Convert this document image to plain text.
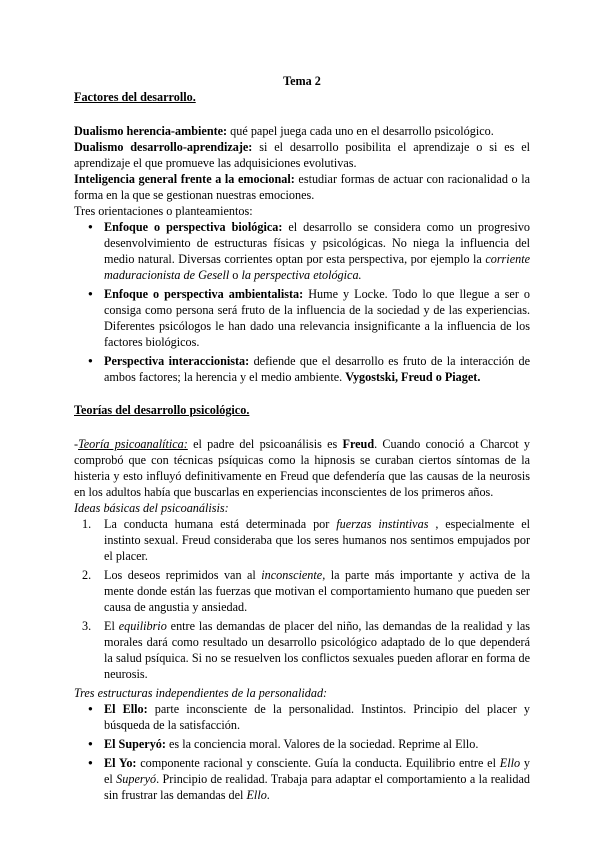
Tema 2

Factores del desarrollo.

Dualismo herencia-ambiente: qué papel juega cada uno en el desarrollo psicológico.

Dualismo desarrollo-aprendizaje: si el desarrollo posibilita el aprendizaje o si es el aprendizaje el que promueve las adquisiciones evolutivas.

Inteligencia general frente a la emocional: estudiar formas de actuar con racionalidad o la forma en la que se gestionan nuestras emociones.

Tres orientaciones o planteamientos:

● Enfoque o perspectiva biológica: el desarrollo se considera como un progresivo desenvolvimiento de estructuras físicas y psicológicas. No niega la influencia del medio natural. Diversas corrientes optan por esta perspectiva, por ejemplo la corriente maduracionista de Gesell o la perspectiva etológica.
● Enfoque o perspectiva ambientalista: Hume y Locke. Todo lo que llegue a ser o consiga como persona será fruto de la influencia de la sociedad y de las experiencias. Diferentes psicólogos le han dado una relevancia insignificante a la influencia de los factores biológicos.
● Perspectiva interaccionista: defiende que el desarrollo es fruto de la interacción de ambos factores; la herencia y el medio ambiente. Vygostski, Freud o Piaget.

Teorías del desarrollo psicológico.

-Teoría psicoanalítica: el padre del psicoanálisis es Freud. Cuando conoció a Charcot y comprobó que con técnicas psíquicas como la hipnosis se curaban ciertos síntomas de la histeria y esto influyó definitivamente en Freud que defendería que las causas de la neurosis en los adultos había que buscarlas en experiencias inconscientes de los primeros años.

Ideas básicas del psicoanálisis:

1. La conducta humana está determinada por fuerzas instintivas , especialmente el instinto sexual. Freud consideraba que los seres humanos nos sentimos empujados por el placer.
2. Los deseos reprimidos van al inconsciente, la parte más importante y activa de la mente donde están las fuerzas que motivan el comportamiento humano que pueden ser causa de angustia y ansiedad.
3. El equilibrio entre las demandas de placer del niño, las demandas de la realidad y las morales dará como resultado un desarrollo psicológico adaptado de lo que dependerá la salud psíquica. Si no se resuelven los conflictos sexuales pueden aflorar en forma de neurosis.

Tres estructuras independientes de la personalidad:

● El Ello: parte inconsciente de la personalidad. Instintos. Principio del placer y búsqueda de la satisfacción.
● El Superyó: es la conciencia moral. Valores de la sociedad. Reprime al Ello.
● El Yo: componente racional y consciente. Guía la conducta. Equilibrio entre el Ello y el Superyó. Principio de realidad. Trabaja para adaptar el comportamiento a la realidad sin frustrar las demandas del Ello.
